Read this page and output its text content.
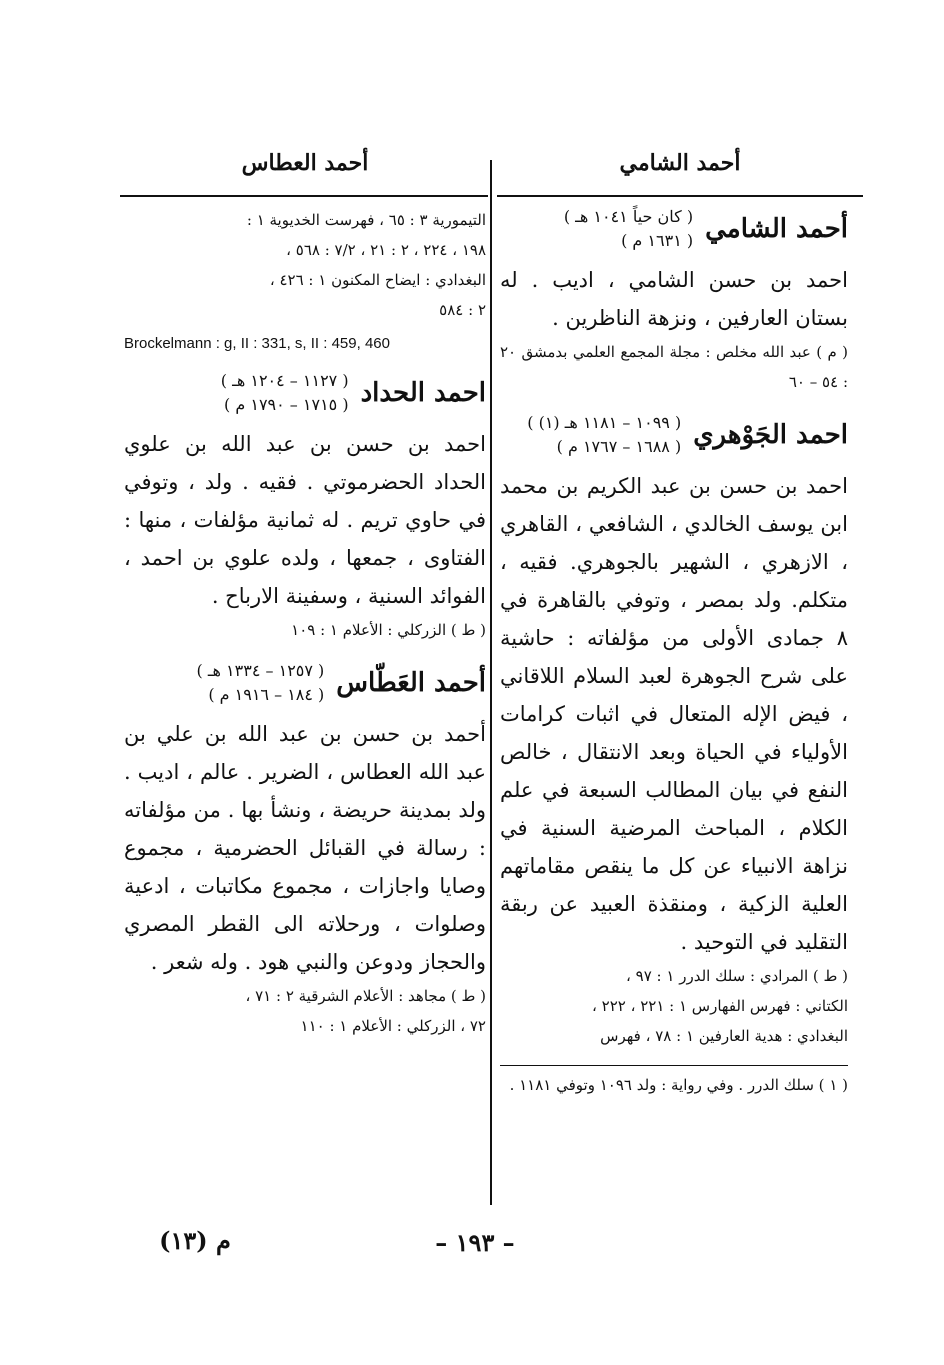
أحمد الشامي
أحمد العطاس
أحمد الشامي
( كان حياً ١٠٤١ هـ )
( ١٦٣١ م )
احمد بن حسن الشامي ، اديب . له بستان العارفين ، ونزهة الناظرين .
( م ) عبد الله مخلص : مجلة المجمع العلمي بدمشق ٢٠ : ٥٤ – ٦٠
احمد الجَوْهري
( ١٠٩٩ – ١١٨١ هـ (١) )
( ١٦٨٨ – ١٧٦٧ م )
احمد بن حسن بن عبد الكريم بن محمد ابن يوسف الخالدي ، الشافعي ، القاهري ، الازهري ، الشهير بالجوهري. فقيه ، متكلم. ولد بمصر ، وتوفي بالقاهرة في ٨ جمادى الأولى من مؤلفاته : حاشية على شرح الجوهرة لعبد السلام اللاقاني ، فيض الإله المتعال في اثبات كرامات الأولياء في الحياة وبعد الانتقال ، خالص النفع في بيان المطالب السبعة في علم الكلام ، المباحث المرضية السنية في نزاهة الانبياء عن كل ما ينقص مقاماتهم العلية الزكية ، ومنقذة العبيد عن ربقة التقليد في التوحيد .
( ط ) المرادي : سلك الدرر ١ : ٩٧ ،
الكتاني : فهرس الفهارس ١ : ٢٢١ ، ٢٢٢ ،
البغدادي : هدية العارفين ١ : ٧٨ ، فهرس
( ١ ) سلك الدرر . وفي رواية : ولد ١٠٩٦ وتوفي ١١٨١ .
التيمورية ٣ : ٦٥ ، فهرست الخديوية ١ :
١٩٨ ، ٢٢٤ ، ٢ : ٢١ ، ٧/٢ : ٥٦٨ ،
البغدادي : ايضاح المكنون ١ : ٤٢٦ ،
٢ : ٥٨٤
Brockelmann : g, II : 331, s, II : 459, 460
احمد الحداد
( ١١٢٧ – ١٢٠٤ هـ )
( ١٧١٥ – ١٧٩٠ م )
احمد بن حسن بن عبد الله بن علوي الحداد الحضرموتي . فقيه . ولد ، وتوفي في حاوي تريم . له ثمانية مؤلفات ، منها : الفتاوى ، جمعها ، ولده علوي بن احمد ، الفوائد السنية ، وسفينة الارباح .
( ط ) الزركلي : الأعلام ١ : ١٠٩
أحمد العَطّاس
( ١٢٥٧ – ١٣٣٤ هـ )
( ١٨٤ – ١٩١٦ م )
أحمد بن حسن بن عبد الله بن علي بن عبد الله العطاس ، الضرير . عالم ، اديب . ولد بمدينة حريضة ، ونشأ بها . من مؤلفاته : رسالة في القبائل الحضرمية ، مجموع وصايا واجازات ، مجموع مكاتبات ، ادعية وصلوات ، ورحلاته الى القطر المصري والحجاز ودوعن والنبي هود . وله شعر .
( ط ) مجاهد : الأعلام الشرقية ٢ : ٧١ ،
٧٢ ، الزركلي : الأعلام ١ : ١١٠
م (١٣)	– ١٩٣ –
